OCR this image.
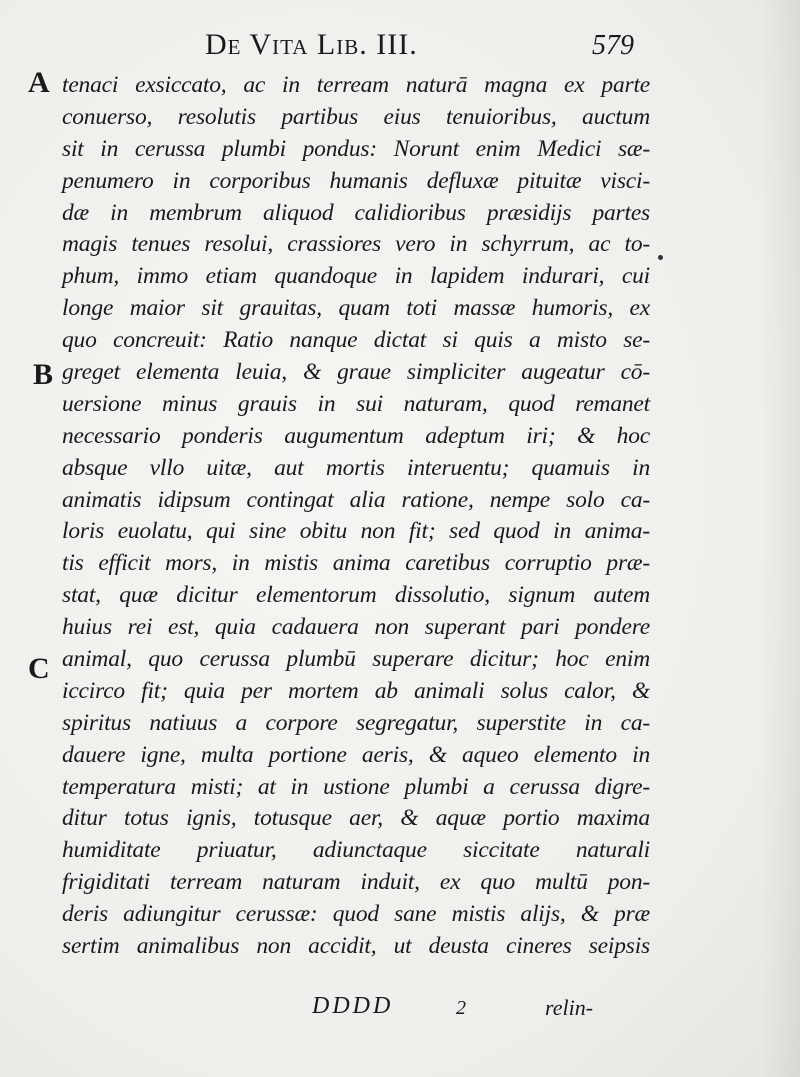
De Vita Lib. III.	579
A
B
C
tenaci exsiccato, ac in terream naturā magna ex parte
conuerso, resolutis partibus eius tenuioribus, auctum
sit in cerussa plumbi pondus: Norunt enim Medici sæ-
penumero in corporibus humanis defluxæ pituitæ visci-
dæ in membrum aliquod calidioribus præsidijs partes
magis tenues resolui, crassiores vero in schyrrum, ac to-
phum, immo etiam quandoque in lapidem indurari, cui
longe maior sit grauitas, quam toti massæ humoris, ex
quo concreuit: Ratio nanque dictat si quis a misto se-
greget elementa leuia, & graue simpliciter augeatur cō-
uersione minus grauis in sui naturam, quod remanet
necessario ponderis augumentum adeptum iri; & hoc
absque vllo uitæ, aut mortis interuentu; quamuis in
animatis idipsum contingat alia ratione, nempe solo ca-
loris euolatu, qui sine obitu non fit; sed quod in anima-
tis efficit mors, in mistis anima caretibus corruptio præ-
stat, quæ dicitur elementorum dissolutio, signum autem
huius rei est, quia cadauera non superant pari pondere
animal, quo cerussa plumbū superare dicitur; hoc enim
iccirco fit; quia per mortem ab animali solus calor, &
spiritus natiuus a corpore segregatur, superstite in ca-
dauere igne, multa portione aeris, & aqueo elemento in
temperatura misti; at in ustione plumbi a cerussa digre-
ditur totus ignis, totusque aer, & aquæ portio maxima
humiditate priuatur, adiunctaque siccitate naturali
frigiditati terream naturam induit, ex quo multū pon-
deris adiungitur cerussæ: quod sane mistis alijs, & præ
sertim animalibus non accidit, ut deusta cineres seipsis
DDDD	2	relin-
